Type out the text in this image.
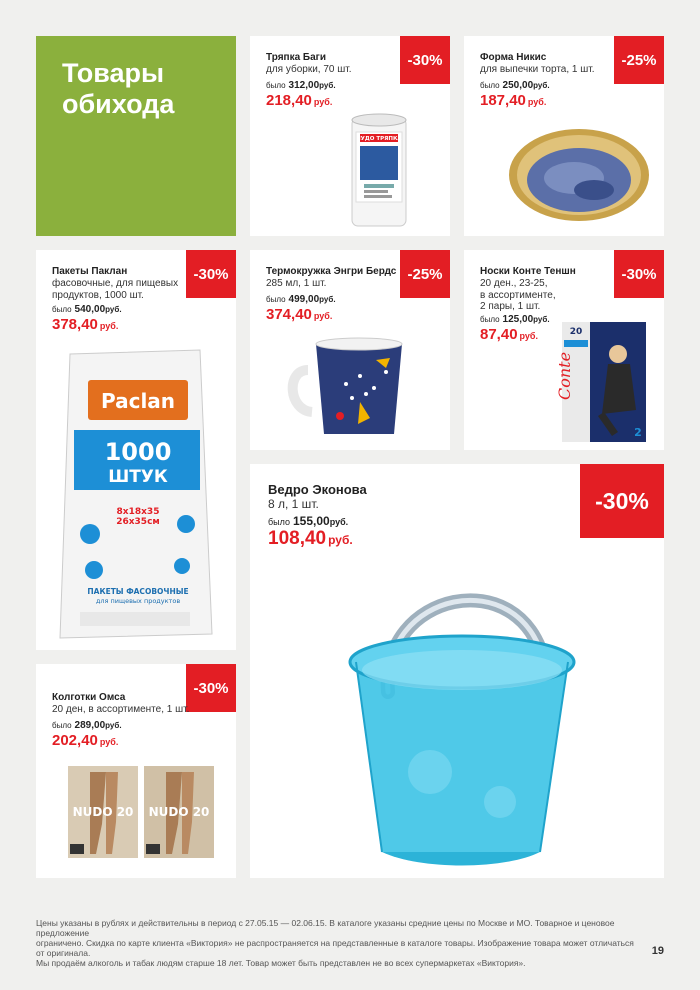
Товары
обихода
-30%
Тряпка Баги
для уборки, 70 шт.
было 312,00руб.
218,40 руб.
ЧУДО ТРЯПКА
-25%
Форма Никис
для выпечки торта, 1 шт.
было 250,00руб.
187,40 руб.
-30%
Пакеты Паклан
фасовочные, для пищевых
продуктов, 1000 шт.
было 540,00руб.
378,40 руб.
Paclan
1000
ШТУК
8x18x35
26x35см
ПАКЕТЫ ФАСОВОЧНЫЕ
для пищевых продуктов
-25%
Термокружка Энгри Бердс
285 мл, 1 шт.
было 499,00руб.
374,40 руб.
-30%
Носки Конте Теншн
20 ден., 23-25,
в ассортименте,
2 пары, 1 шт.
было 125,00руб.
87,40 руб.	20
Conte
2
-30%
Ведро Эконова
8 л, 1 шт.
было 155,00руб.
108,40 руб.
-30%
Колготки Омса
20 ден, в ассортименте, 1 шт.
было 289,00руб.
202,40 руб.
NUDO 20 NUDO 20

Цены указаны в рублях и действительны в период с 27.05.15 — 02.06.15. В каталоге указаны средние цены по Москве и МО. Товарное и ценовое предложение

ограничено. Скидка по карте клиента «Виктория» не распространяется на представленные в каталоге товары. Изображение товара может отличаться от оригинала.

Мы продаём алкоголь и табак людям старше 18 лет. Товар может быть представлен не во всех супермаркетах «Виктория».

19
